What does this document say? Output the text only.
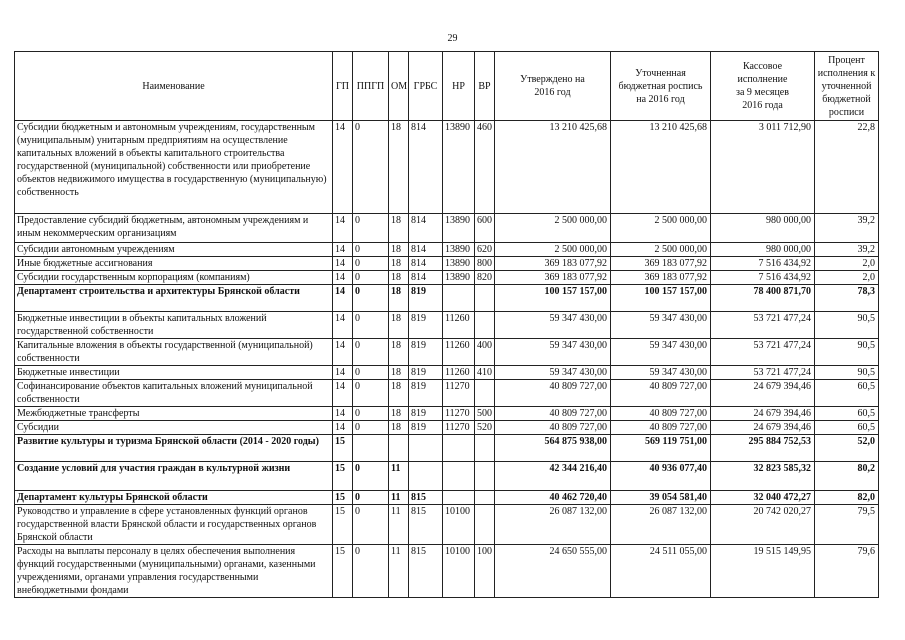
29
Наименование	ГП	ППГП	ОМ	ГРБС	НР	ВР	Утверждено на
2016 год	Уточненная
бюджетная роспись
на 2016 год	Кассовое
исполнение
за 9 месяцев
2016 года	Процент
исполнения к
уточненной
бюджетной
росписи

Субсидии бюджетным и автономным учреждениям, государственным (муниципальным) унитарным предприятиям на осуществление капитальных вложений в объекты капитального строительства государственной (муниципальной) собственности или приобретение объектов недвижимого имущества в государственную (муниципальную) собственность	14	0	18	814	13890	460	13 210 425,68	13 210 425,68	3 011 712,90	22,8
Предоставление субсидий бюджетным, автономным учреждениям и иным некоммерческим организациям	14	0	18	814	13890	600	2 500 000,00	2 500 000,00	980 000,00	39,2
Субсидии автономным учреждениям	14	0	18	814	13890	620	2 500 000,00	2 500 000,00	980 000,00	39,2
Иные бюджетные ассигнования	14	0	18	814	13890	800	369 183 077,92	369 183 077,92	7 516 434,92	2,0
Субсидии государственным корпорациям (компаниям)	14	0	18	814	13890	820	369 183 077,92	369 183 077,92	7 516 434,92	2,0
Департамент строительства и архитектуры Брянской области	14	0	18	819			100 157 157,00	100 157 157,00	78 400 871,70	78,3
Бюджетные инвестиции в объекты капитальных вложений государственной собственности	14	0	18	819	11260		59 347 430,00	59 347 430,00	53 721 477,24	90,5
Капитальные вложения в объекты государственной (муниципальной) собственности	14	0	18	819	11260	400	59 347 430,00	59 347 430,00	53 721 477,24	90,5
Бюджетные инвестиции	14	0	18	819	11260	410	59 347 430,00	59 347 430,00	53 721 477,24	90,5
Софинансирование объектов капитальных вложений муниципальной собственности	14	0	18	819	11270		40 809 727,00	40 809 727,00	24 679 394,46	60,5
Межбюджетные трансферты	14	0	18	819	11270	500	40 809 727,00	40 809 727,00	24 679 394,46	60,5
Субсидии	14	0	18	819	11270	520	40 809 727,00	40 809 727,00	24 679 394,46	60,5
Развитие культуры и туризма Брянской области (2014 - 2020 годы)	15						564 875 938,00	569 119 751,00	295 884 752,53	52,0
Создание условий для участия граждан в культурной жизни	15	0	11				42 344 216,40	40 936 077,40	32 823 585,32	80,2
Департамент культуры Брянской области	15	0	11	815			40 462 720,40	39 054 581,40	32 040 472,27	82,0
Руководство и управление в сфере установленных функций органов государственной власти Брянской области и государственных органов Брянской области	15	0	11	815	10100		26 087 132,00	26 087 132,00	20 742 020,27	79,5
Расходы на выплаты персоналу в целях обеспечения выполнения функций государственными (муниципальными) органами, казенными учреждениями, органами управления государственными внебюджетными фондами	15	0	11	815	10100	100	24 650 555,00	24 511 055,00	19 515 149,95	79,6
